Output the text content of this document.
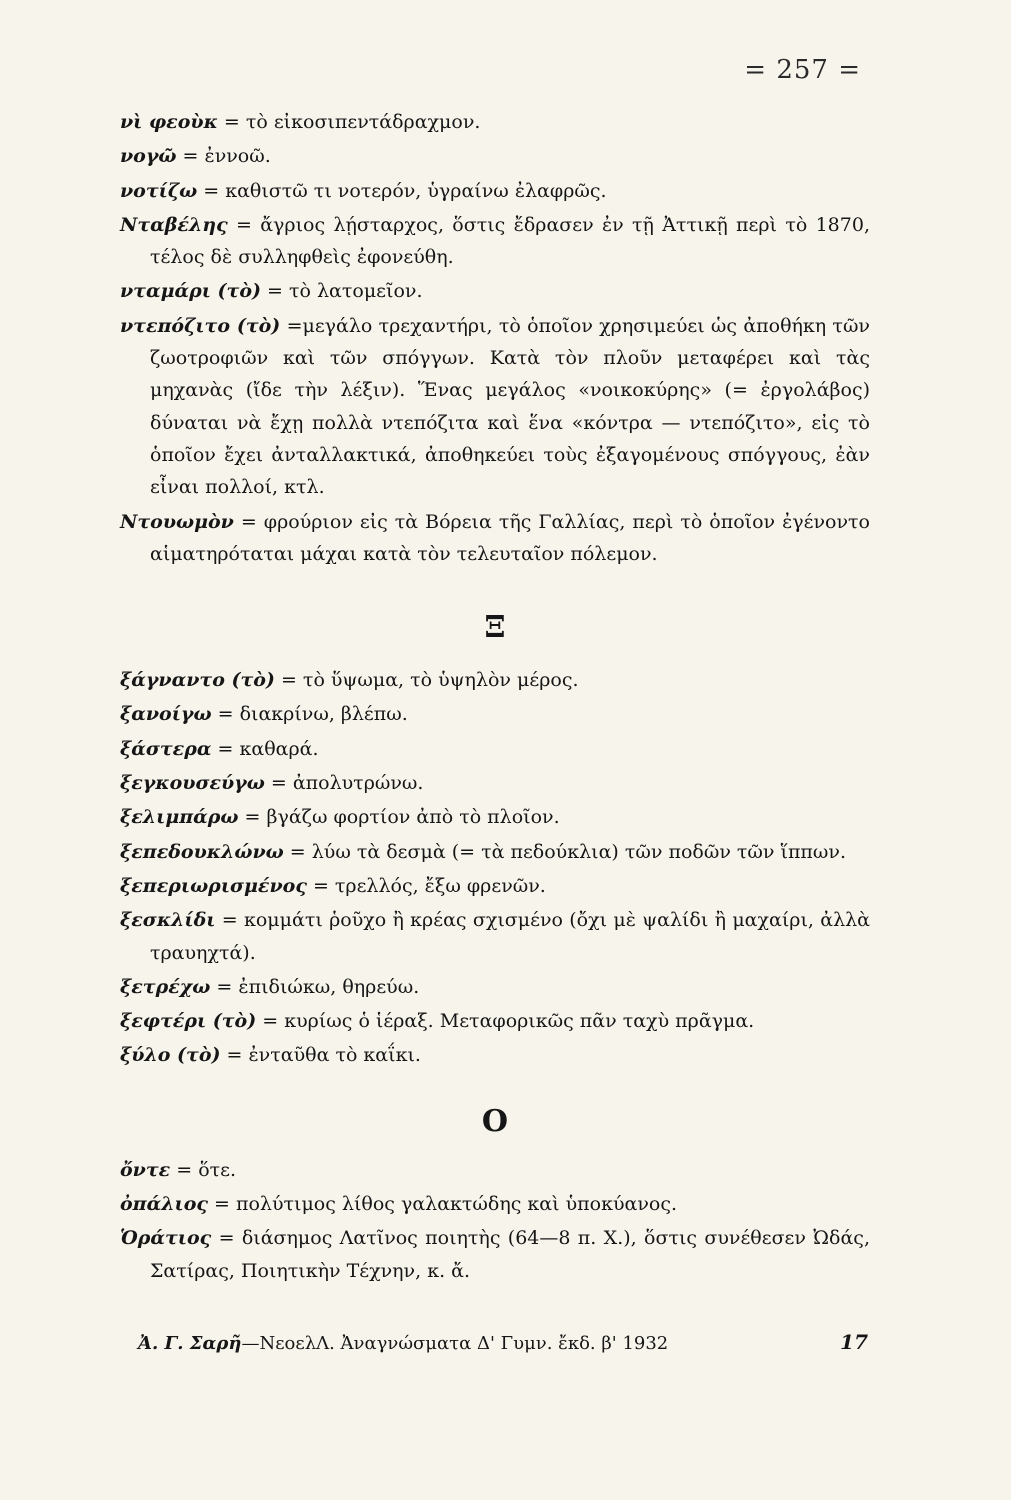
= 257 =

νὶ φεοὺκ = τὸ εἰκοσιπεντάδραχμον.

νογῶ = ἐννοῶ.

νοτίζω = καθιστῶ τι νοτερόν, ὑγραίνω ἐλαφρῶς.

Νταβέλης = ἄγριος λῄσταρχος, ὅστις ἔδρασεν ἐν τῇ Ἀττικῇ περὶ τὸ 1870, τέλος δὲ συλληφθεὶς ἐφονεύθη.

νταμάρι (τὸ) = τὸ λατομεῖον.

ντεπόζιτο (τὸ) =μεγάλο τρεχαντήρι, τὸ ὁποῖον χρησιμεύει ὡς ἀποθήκη τῶν ζωοτροφιῶν καὶ τῶν σπόγγων. Κατὰ τὸν πλοῦν μεταφέρει καὶ τὰς μηχανὰς (ἴδε τὴν λέξιν). Ἕνας μεγάλος «νοικοκύρης» (= ἐργολάβος) δύναται νὰ ἔχῃ πολλὰ ντεπόζιτα καὶ ἕνα «κόντρα — ντεπόζιτο», εἰς τὸ ὁποῖον ἔχει ἀνταλλακτικά, ἀποθηκεύει τοὺς ἐξαγομένους σπόγγους, ἐὰν εἶναι πολλοί, κτλ.

Ντουωμὸν = φρούριον εἰς τὰ Βόρεια τῆς Γαλλίας, περὶ τὸ ὁποῖον ἐγένοντο αἱματηρόταται μάχαι κατὰ τὸν τελευταῖον πόλεμον.

Ξ

ξάγναντο (τὸ) = τὸ ὕψωμα, τὸ ὑψηλὸν μέρος.

ξανοίγω = διακρίνω, βλέπω.

ξάστερα = καθαρά.

ξεγκουσεύγω = ἀπολυτρώνω.

ξελιμπάρω = βγάζω φορτίον ἀπὸ τὸ πλοῖον.

ξεπεδουκλώνω = λύω τὰ δεσμὰ (= τὰ πεδούκλια) τῶν ποδῶν τῶν ἵππων.

ξεπεριωρισμένος = τρελλός, ἔξω φρενῶν.

ξεσκλίδι = κομμάτι ῥοῦχο ἢ κρέας σχισμένο (ὄχι μὲ ψαλίδι ἢ μαχαίρι, ἀλλὰ τραυηχτά).

ξετρέχω = ἐπιδιώκω, θηρεύω.

ξεφτέρι (τὸ) = κυρίως ὁ ἱέραξ. Μεταφορικῶς πᾶν ταχὺ πρᾶγμα.

ξύλο (τὸ) = ἐνταῦθα τὸ καΐκι.

Ο

ὄντε = ὅτε.

ὀπάλιος = πολύτιμος λίθος γαλακτώδης καὶ ὑποκύανος.

Ὁράτιος = διάσημος Λατῖνος ποιητὴς (64—8 π. Χ.), ὅστις συνέθεσεν Ὠδάς, Σατίρας, Ποιητικὴν Τέχνην, κ. ἄ.

Ἀ. Γ. Σαρῆ—ΝεοελΛ. Ἀναγνώσματα Δ' Γυμν. ἔκδ. β' 1932	17
